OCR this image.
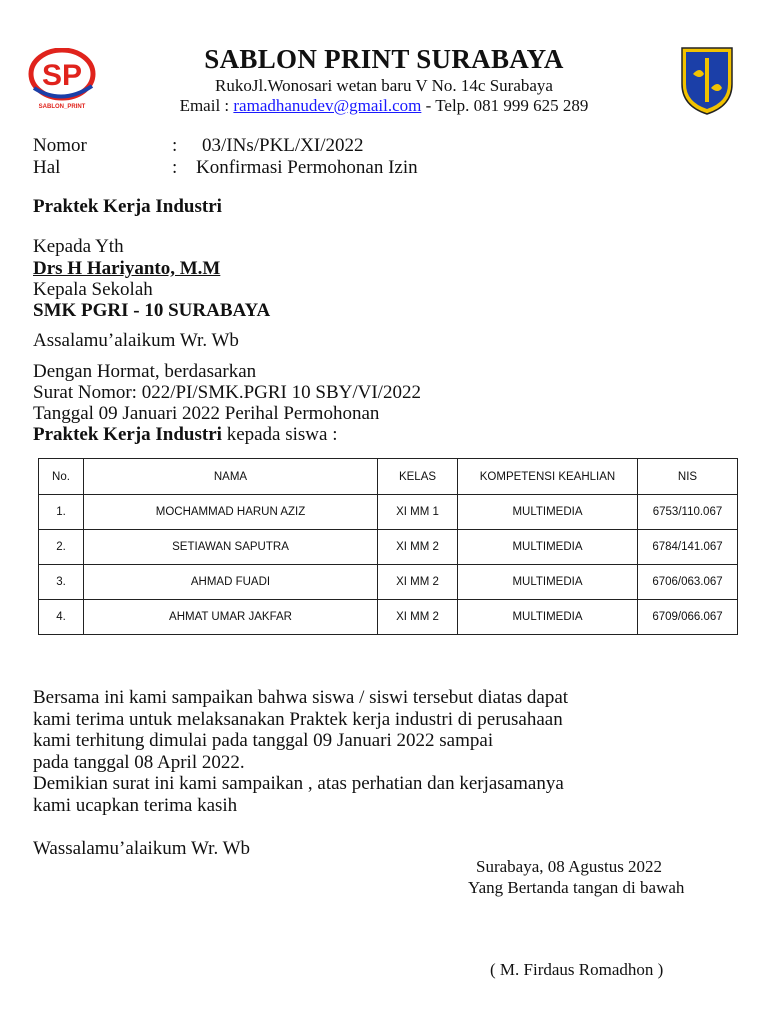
SP
SABLON_PRINT
SABLON PRINT SURABAYA
RukoJl.Wonosari wetan baru V No. 14c Surabaya
Email : ramadhanudev@gmail.com - Telp. 081 999 625 289
Nomor	: 03/INs/PKL/XI/2022
Hal	: Konfirmasi Permohonan Izin
Praktek Kerja Industri
Kepada Yth
Drs H Hariyanto, M.M
Kepala Sekolah
SMK PGRI - 10 SURABAYA
Assalamu’alaikum Wr. Wb
Dengan Hormat, berdasarkan
Surat Nomor: 022/PI/SMK.PGRI 10 SBY/VI/2022
Tanggal 09 Januari 2022 Perihal Permohonan
Praktek Kerja Industri kepada siswa :
No.	NAMA	KELAS	KOMPETENSI KEAHLIAN	NIS
1.	MOCHAMMAD HARUN AZIZ	XI MM 1	MULTIMEDIA	6753/110.067
2.	SETIAWAN SAPUTRA	XI MM 2	MULTIMEDIA	6784/141.067
3.	AHMAD FUADI	XI MM 2	MULTIMEDIA	6706/063.067
4.	AHMAT UMAR JAKFAR	XI MM 2	MULTIMEDIA	6709/066.067
Bersama ini kami sampaikan bahwa siswa / siswi tersebut diatas dapat
kami terima untuk melaksanakan Praktek kerja industri di perusahaan
kami terhitung dimulai pada tanggal 09 Januari 2022 sampai
pada tanggal 08 April 2022.
Demikian surat ini kami sampaikan , atas perhatian dan kerjasamanya
kami ucapkan terima kasih
Wassalamu’alaikum Wr. Wb
Surabaya, 08 Agustus 2022
Yang Bertanda tangan di bawah
( M. Firdaus Romadhon )
